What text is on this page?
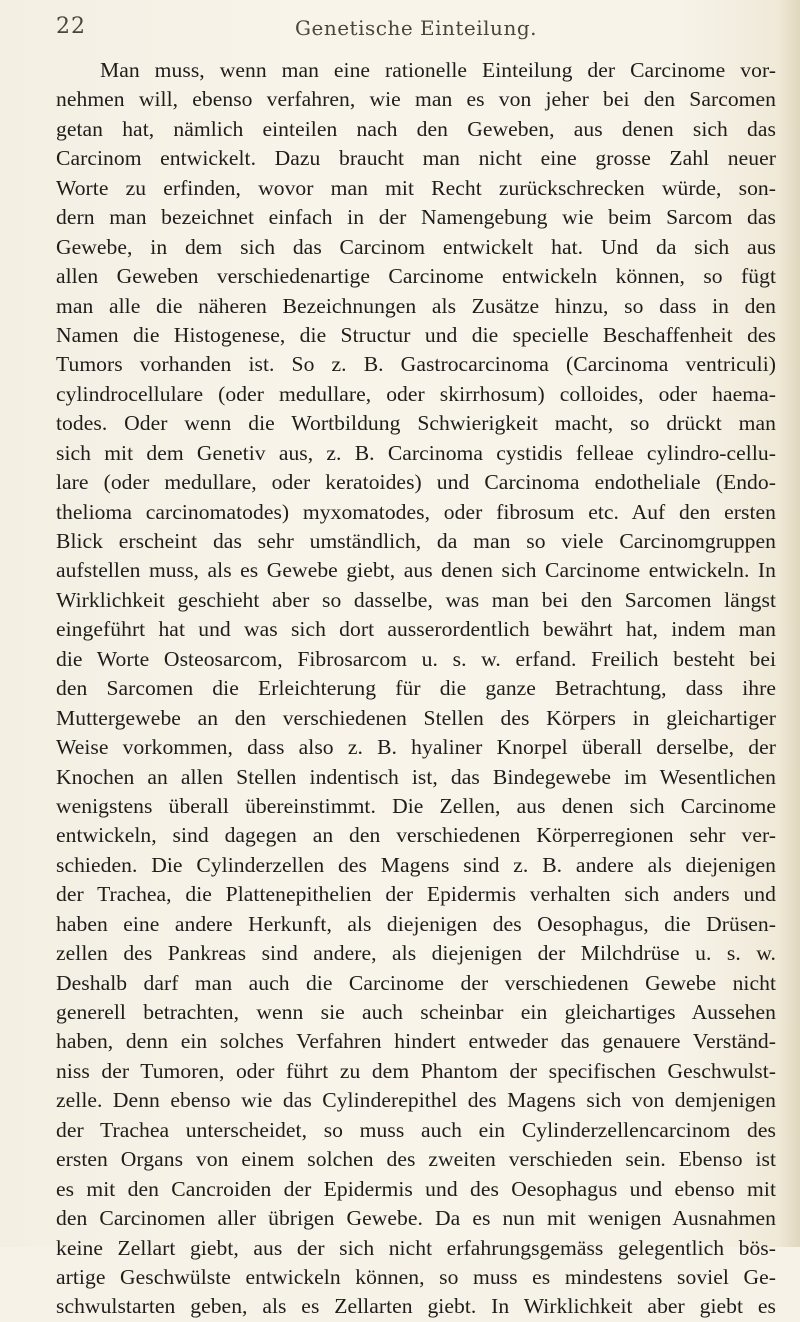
22	Genetische Einteilung.
Man muss, wenn man eine rationelle Einteilung der Carcinome vor-
nehmen will, ebenso verfahren, wie man es von jeher bei den Sarcomen
getan hat, nämlich einteilen nach den Geweben, aus denen sich das
Carcinom entwickelt. Dazu braucht man nicht eine grosse Zahl neuer
Worte zu erfinden, wovor man mit Recht zurückschrecken würde, son-
dern man bezeichnet einfach in der Namengebung wie beim Sarcom das
Gewebe, in dem sich das Carcinom entwickelt hat. Und da sich aus
allen Geweben verschiedenartige Carcinome entwickeln können, so fügt
man alle die näheren Bezeichnungen als Zusätze hinzu, so dass in den
Namen die Histogenese, die Structur und die specielle Beschaffenheit des
Tumors vorhanden ist. So z. B. Gastrocarcinoma (Carcinoma ventriculi)
cylindrocellulare (oder medullare, oder skirrhosum) colloides, oder haema-
todes. Oder wenn die Wortbildung Schwierigkeit macht, so drückt man
sich mit dem Genetiv aus, z. B. Carcinoma cystidis felleae cylindro-cellu-
lare (oder medullare, oder keratoides) und Carcinoma endotheliale (Endo-
thelioma carcinomatodes) myxomatodes, oder fibrosum etc. Auf den ersten
Blick erscheint das sehr umständlich, da man so viele Carcinomgruppen
aufstellen muss, als es Gewebe giebt, aus denen sich Carcinome entwickeln. In
Wirklichkeit geschieht aber so dasselbe, was man bei den Sarcomen längst
eingeführt hat und was sich dort ausserordentlich bewährt hat, indem man
die Worte Osteosarcom, Fibrosarcom u. s. w. erfand. Freilich besteht bei
den Sarcomen die Erleichterung für die ganze Betrachtung, dass ihre
Muttergewebe an den verschiedenen Stellen des Körpers in gleichartiger
Weise vorkommen, dass also z. B. hyaliner Knorpel überall derselbe, der
Knochen an allen Stellen indentisch ist, das Bindegewebe im Wesentlichen
wenigstens überall übereinstimmt. Die Zellen, aus denen sich Carcinome
entwickeln, sind dagegen an den verschiedenen Körperregionen sehr ver-
schieden. Die Cylinderzellen des Magens sind z. B. andere als diejenigen
der Trachea, die Plattenepithelien der Epidermis verhalten sich anders und
haben eine andere Herkunft, als diejenigen des Oesophagus, die Drüsen-
zellen des Pankreas sind andere, als diejenigen der Milchdrüse u. s. w.
Deshalb darf man auch die Carcinome der verschiedenen Gewebe nicht
generell betrachten, wenn sie auch scheinbar ein gleichartiges Aussehen
haben, denn ein solches Verfahren hindert entweder das genauere Verständ-
niss der Tumoren, oder führt zu dem Phantom der specifischen Geschwulst-
zelle. Denn ebenso wie das Cylinderepithel des Magens sich von demjenigen
der Trachea unterscheidet, so muss auch ein Cylinderzellencarcinom des
ersten Organs von einem solchen des zweiten verschieden sein. Ebenso ist
es mit den Cancroiden der Epidermis und des Oesophagus und ebenso mit
den Carcinomen aller übrigen Gewebe. Da es nun mit wenigen Ausnahmen
keine Zellart giebt, aus der sich nicht erfahrungsgemäss gelegentlich bös-
artige Geschwülste entwickeln können, so muss es mindestens soviel Ge-
schwulstarten geben, als es Zellarten giebt. In Wirklichkeit aber giebt es
